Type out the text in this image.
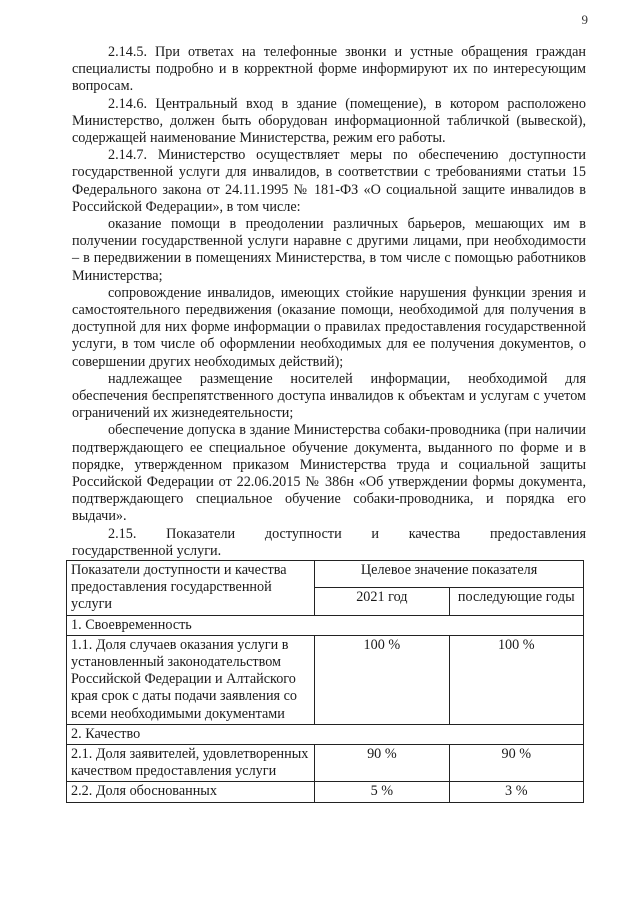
9

2.14.5. При ответах на телефонные звонки и устные обращения граждан специалисты подробно и в корректной форме информируют их по интересующим вопросам.

2.14.6. Центральный вход в здание (помещение), в котором расположено Министерство, должен быть оборудован информационной табличкой (вывеской), содержащей наименование Министерства, режим его работы.

2.14.7. Министерство осуществляет меры по обеспечению доступности государственной услуги для инвалидов, в соответствии с требованиями статьи 15 Федерального закона от 24.11.1995 № 181-ФЗ «О социальной защите инвалидов в Российской Федерации», в том числе:

оказание помощи в преодолении различных барьеров, мешающих им в получении государственной услуги наравне с другими лицами, при необходимости – в передвижении в помещениях Министерства, в том числе с помощью работников Министерства;

сопровождение инвалидов, имеющих стойкие нарушения функции зрения и самостоятельного передвижения (оказание помощи, необходимой для получения в доступной для них форме информации о правилах предоставления государственной услуги, в том числе об оформлении необходимых для ее получения документов, о совершении других необходимых действий);

надлежащее размещение носителей информации, необходимой для обеспечения беспрепятственного доступа инвалидов к объектам и услугам с учетом ограничений их жизнедеятельности;

обеспечение допуска в здание Министерства собаки-проводника (при наличии подтверждающего ее специальное обучение документа, выданного по форме и в порядке, утвержденном приказом Министерства труда и социальной защиты Российской Федерации от 22.06.2015 № 386н «Об утверждении формы документа, подтверждающего специальное обучение собаки-проводника, и порядка его выдачи».

2.15. Показатели доступности и качества предоставления

государственной услуги.
Показатели доступности и качества предоставления государственной услуги	Целевое значение показателя	
	2021 год	последующие годы
1. Своевременность		
1.1. Доля случаев оказания услуги в установленный законодательством Российской Федерации и Алтайского края срок с даты подачи заявления со всеми необходимыми документами	100 %	100 %
2. Качество		
2.1. Доля заявителей, удовлетворенных качеством предоставления услуги	90 %	90 %
2.2. Доля обоснованных	5 %	3 %
